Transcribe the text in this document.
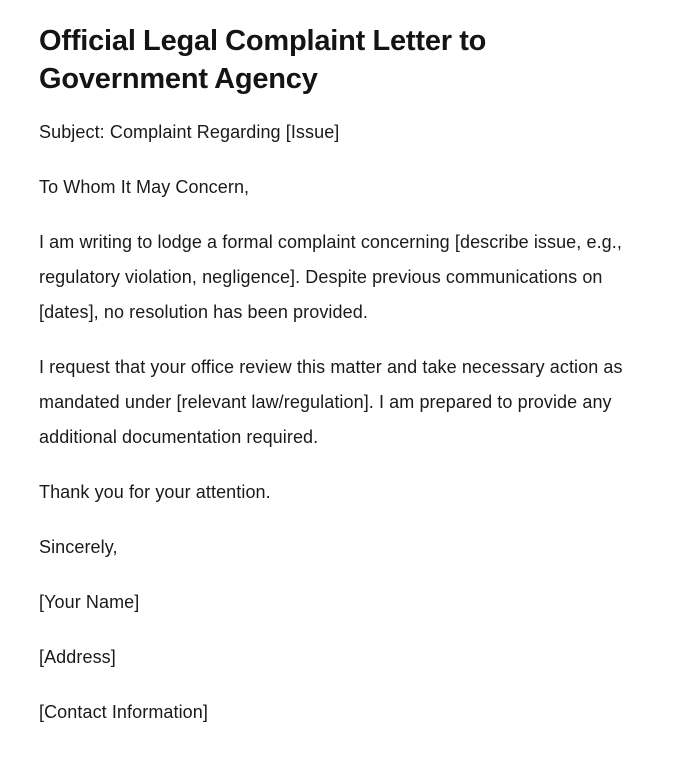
Official Legal Complaint Letter to Government Agency

Subject: Complaint Regarding [Issue]

To Whom It May Concern,

I am writing to lodge a formal complaint concerning [describe issue, e.g., regulatory violation, negligence]. Despite previous communications on [dates], no resolution has been provided.

I request that your office review this matter and take necessary action as mandated under [relevant law/regulation]. I am prepared to provide any additional documentation required.

Thank you for your attention.

Sincerely,

[Your Name]

[Address]

[Contact Information]
